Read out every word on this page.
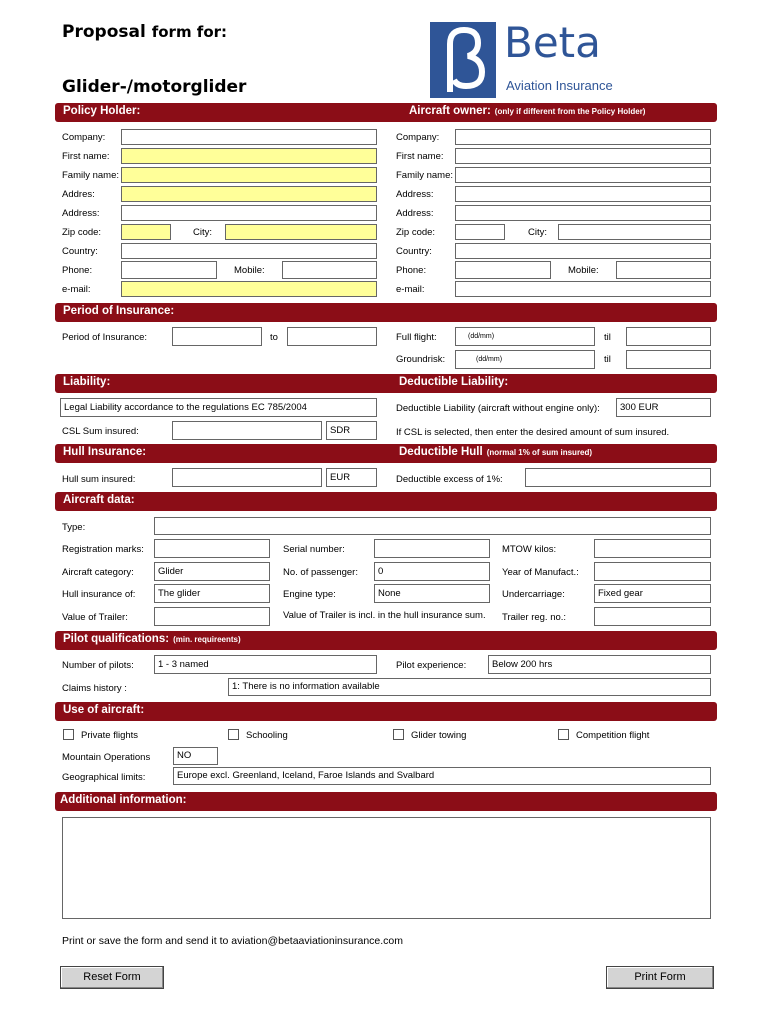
Proposal form for:
Glider-/motorglider
Beta
Aviation Insurance
Policy Holder:	Aircraft owner: (only if different from the Policy Holder)
Company:
First name:
Family name:
Addres:
Address:
Zip code:	City:
Country:
Phone:	Mobile:
e-mail:
Company:
First name:
Family name:
Address:
Address:
Zip code:	City:
Country:
Phone:	Mobile:
e-mail:
Period of Insurance:
Period of Insurance:	to	Full flight:	(dd/mm)	til
Groundrisk:	(dd/mm)	til
Liability:	Deductible Liability:
Legal Liability accordance to the regulations EC 785/2004	Deductible Liability (aircraft without engine only):	300 EUR
CSL Sum insured:	SDR	If CSL is selected, then enter the desired amount of sum insured.
Hull Insurance:	Deductible Hull (normal 1% of sum insured)
Hull sum insured:	EUR	Deductible excess of 1%:
Aircraft data:
Type:
Registration marks:	Serial number:	MTOW kilos:
Aircraft category:	Glider	No. of passenger:	0	Year of Manufact.:
Hull insurance of:	The glider	Engine type:	None	Undercarriage:	Fixed gear
Value of Trailer:	Value of Trailer is incl. in the hull insurance sum. Trailer reg. no.:
Pilot qualifications: (min. requireents)
Number of pilots:	1 - 3 named	Pilot experience:	Below 200 hrs
Claims history :	1: There is no information available
Use of aircraft:
Private flights	Schooling	Glider towing	Competition flight
Mountain Operations	NO
Geographical limits:	Europe excl. Greenland, Iceland, Faroe Islands and Svalbard
Additional information:
Print or save the form and send it to aviation@betaaviationinsurance.com
Reset Form	Print Form
